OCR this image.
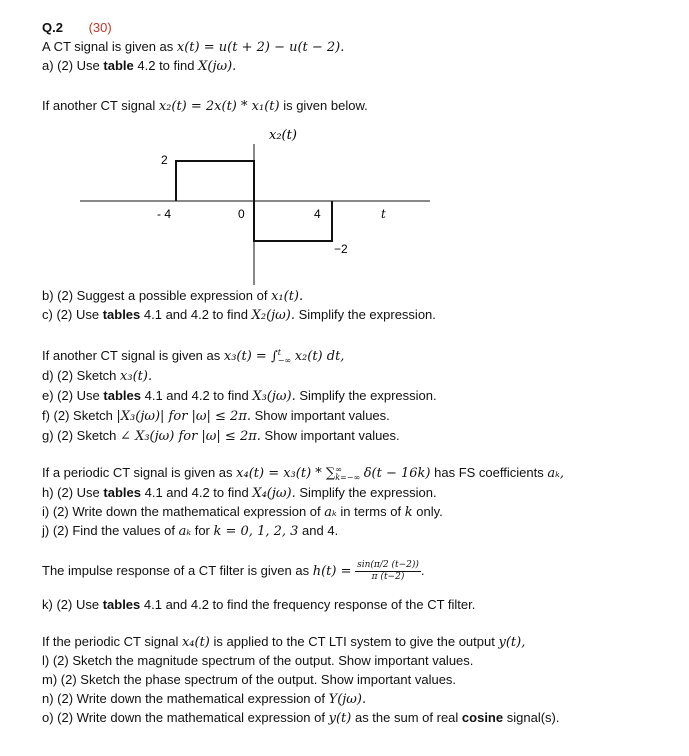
Q.2 (30)
A CT signal is given as x(t) = u(t + 2) − u(t − 2).
a) (2) Use table 4.2 to find X(jω).
If another CT signal x₂(t) = 2x(t) * x₁(t) is given below.
x₂(t)
2
−2
- 4	0	4	t
b) (2) Suggest a possible expression of x₁(t).
c) (2) Use tables 4.1 and 4.2 to find X₂(jω). Simplify the expression.
If another CT signal is given as x₃(t) = ∫ t
−∞ x₂(t) dt,
d) (2) Sketch x₃(t).
e) (2) Use tables 4.1 and 4.2 to find X₃(jω). Simplify the expression.
f) (2) Sketch |X₃(jω)| for |ω| ≤ 2π. Show important values.
g) (2) Sketch ∠ X₃(jω) for |ω| ≤ 2π. Show important values.
If a periodic CT signal is given as x₄(t) = x₃(t) * ∑ ∞
k=−∞ δ(t − 16k) has FS coefficients aₖ,
h) (2) Use tables 4.1 and 4.2 to find X₄(jω). Simplify the expression.
i) (2) Write down the mathematical expression of aₖ in terms of k only.
j) (2) Find the values of aₖ for k = 0, 1, 2, 3 and 4.
The impulse response of a CT filter is given as $h(t) = \frac{\sin(\pi/2 (t-2))}{\pi (t-2)}$ .
k) (2) Use tables 4.1 and 4.2 to find the frequency response of the CT filter.
If the periodic CT signal x₄(t) is applied to the CT LTI system to give the output y(t),
l) (2) Sketch the magnitude spectrum of the output. Show important values.
m) (2) Sketch the phase spectrum of the output. Show important values.
n) (2) Write down the mathematical expression of Y(jω).
o) (2) Write down the mathematical expression of y(t) as the sum of real cosine signal(s).
